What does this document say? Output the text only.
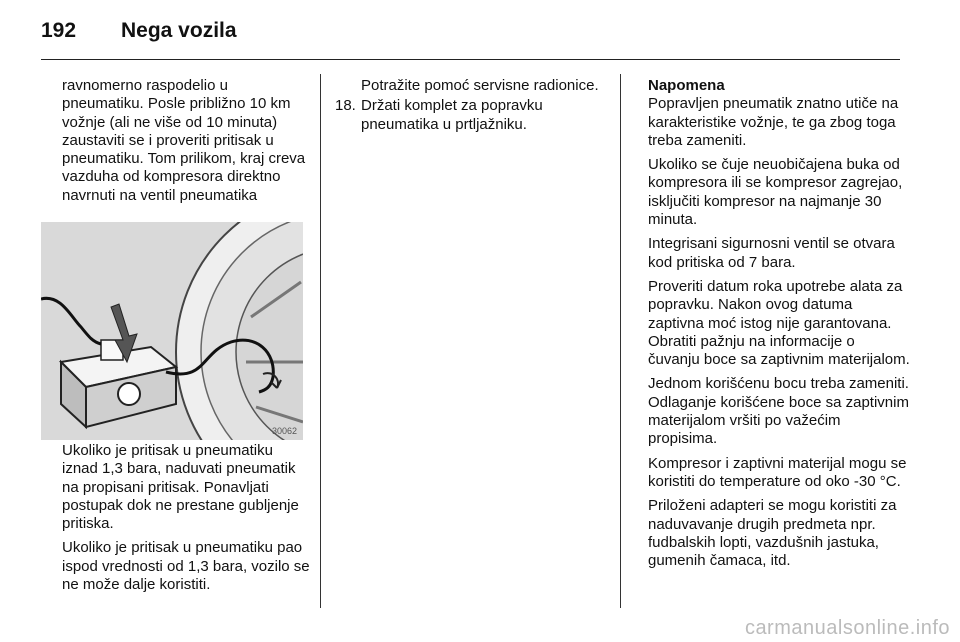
192	Nega vozila

ravnomerno raspodelio u pneumatiku. Posle približno 10 km vožnje (ali ne više od 10 minuta) zaustaviti se i proveriti pritisak u pneumatiku. Tom prilikom, kraj creva vazduha od kompresora direktno navrnuti na ventil pneumatika

30062

Ukoliko je pritisak u pneumatiku iznad 1,3 bara, naduvati pneumatik na propisani pritisak. Ponavljati postupak dok ne prestane gubljenje pritiska.

Ukoliko je pritisak u pneumatiku pao ispod vrednosti od 1,3 bara, vozilo se ne može dalje koristiti.

Potražite pomoć servisne radionice.

18. Držati komplet za popravku pneumatika u prtljažniku.
Napomena

Popravljen pneumatik znatno utiče na karakteristike vožnje, te ga zbog toga treba zameniti.

Ukoliko se čuje neuobičajena buka od kompresora ili se kompresor zagrejao, isključiti kompresor na najmanje 30 minuta.

Integrisani sigurnosni ventil se otvara kod pritiska od 7 bara.

Proveriti datum roka upotrebe alata za popravku. Nakon ovog datuma zaptivna moć istog nije garantovana. Obratiti pažnju na informacije o čuvanju boce sa zaptivnim materijalom.

Jednom korišćenu bocu treba zameniti. Odlaganje korišćene boce sa zaptivnim materijalom vršiti po važećim propisima.

Kompresor i zaptivni materijal mogu se koristiti do temperature od oko -30 °C.

Priloženi adapteri se mogu koristiti za naduvavanje drugih predmeta npr. fudbalskih lopti, vazdušnih jastuka, gumenih čamaca, itd.

carmanualsonline.info
